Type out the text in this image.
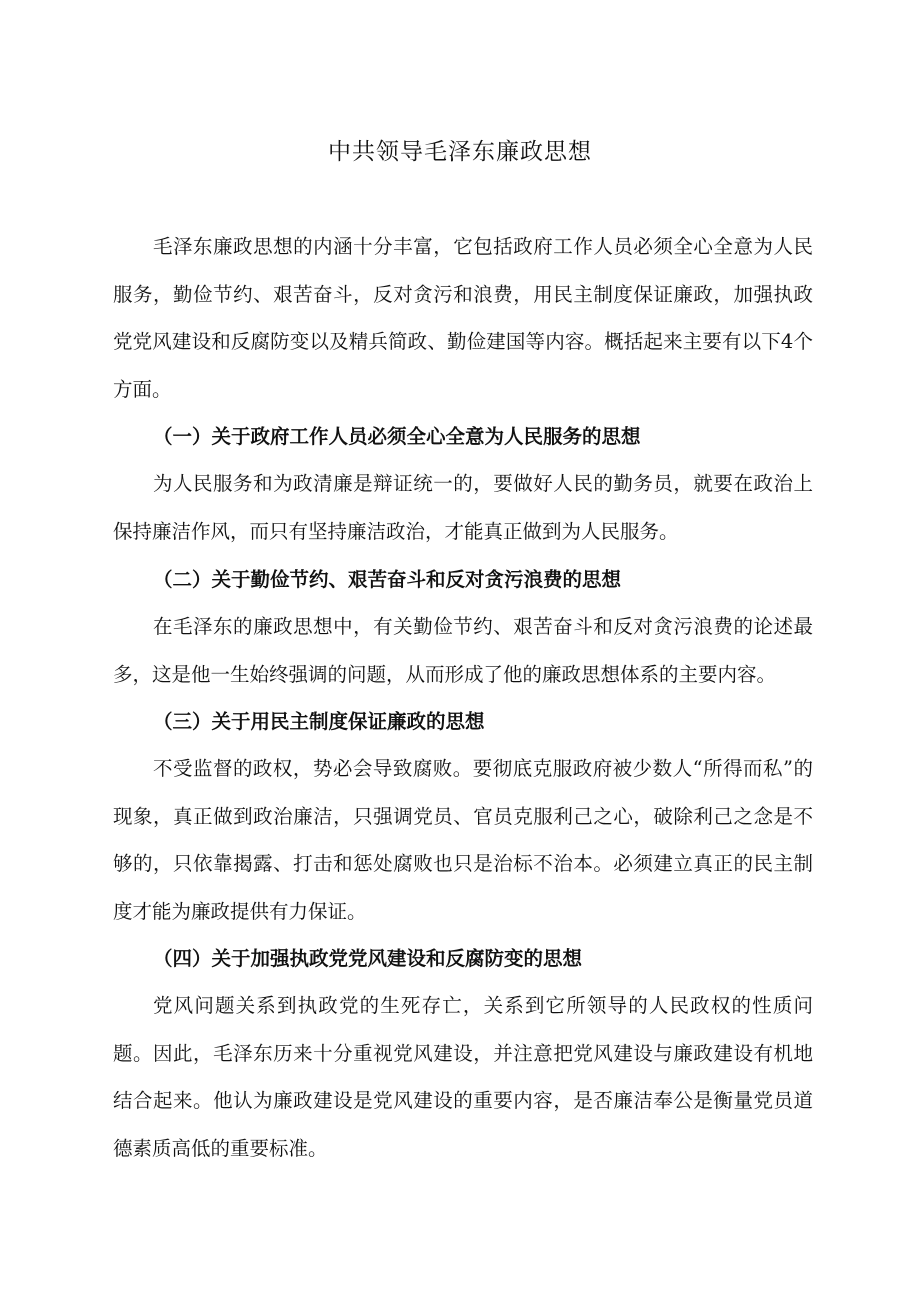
中共领导毛泽东廉政思想

毛泽东廉政思想的内涵十分丰富，它包括政府工作人员必须全心全意为人民服务，勤俭节约、艰苦奋斗，反对贪污和浪费，用民主制度保证廉政，加强执政党党风建设和反腐防变以及精兵简政、勤俭建国等内容。概括起来主要有以下4个方面。

（一）关于政府工作人员必须全心全意为人民服务的思想

为人民服务和为政清廉是辩证统一的，要做好人民的勤务员，就要在政治上保持廉洁作风，而只有坚持廉洁政治，才能真正做到为人民服务。

（二）关于勤俭节约、艰苦奋斗和反对贪污浪费的思想

在毛泽东的廉政思想中，有关勤俭节约、艰苦奋斗和反对贪污浪费的论述最多，这是他一生始终强调的问题，从而形成了他的廉政思想体系的主要内容。

（三）关于用民主制度保证廉政的思想

不受监督的政权，势必会导致腐败。要彻底克服政府被少数人“所得而私”的现象，真正做到政治廉洁，只强调党员、官员克服利己之心，破除利己之念是不够的，只依靠揭露、打击和惩处腐败也只是治标不治本。必须建立真正的民主制度才能为廉政提供有力保证。

（四）关于加强执政党党风建设和反腐防变的思想

党风问题关系到执政党的生死存亡，关系到它所领导的人民政权的性质问题。因此，毛泽东历来十分重视党风建设，并注意把党风建设与廉政建设有机地结合起来。他认为廉政建设是党风建设的重要内容，是否廉洁奉公是衡量党员道德素质高低的重要标准。
